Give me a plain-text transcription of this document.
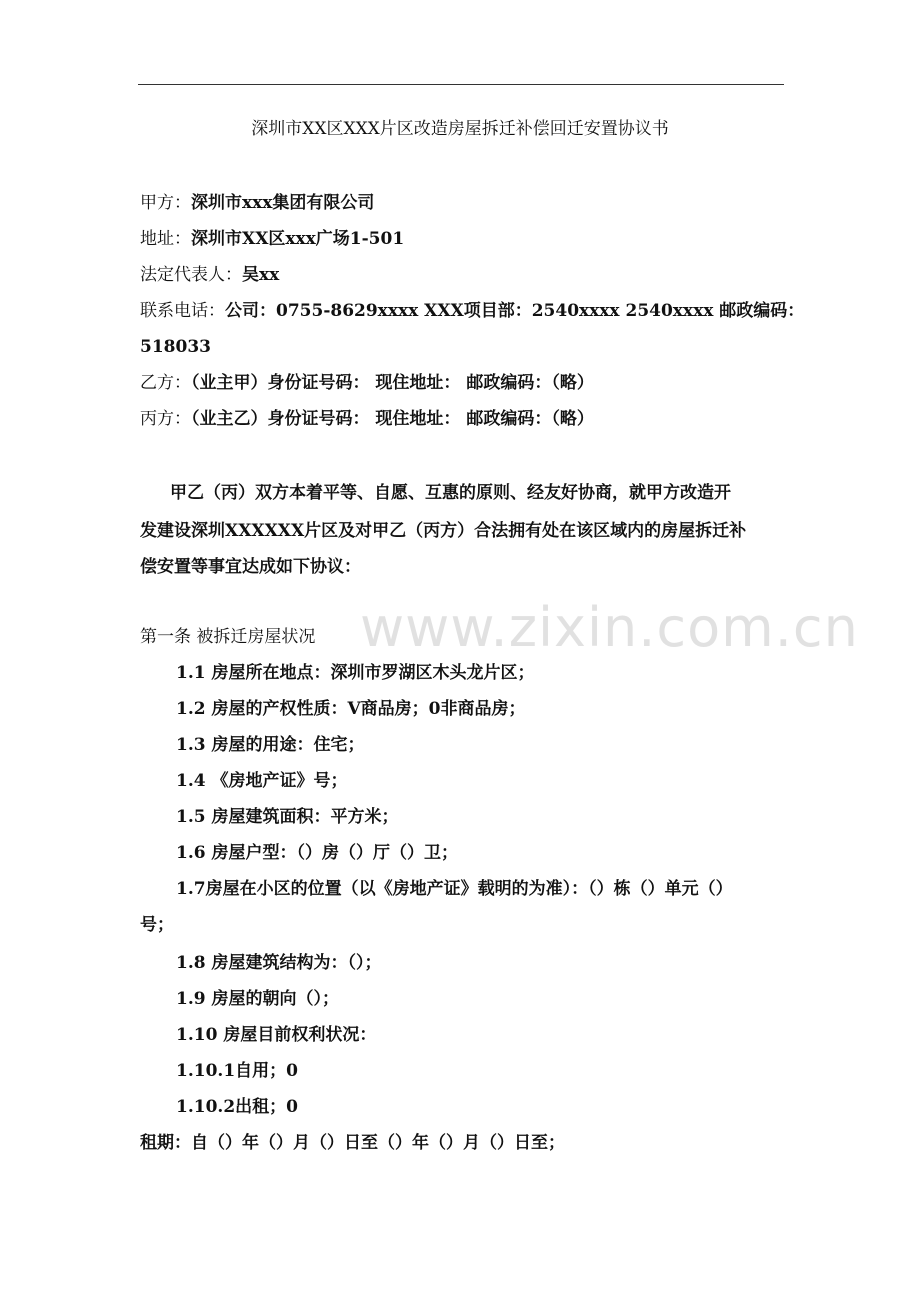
深圳市XX区XXX片区改造房屋拆迁补偿回迁安置协议书
甲方：深圳市xxx集团有限公司
地址：深圳市XX区xxx广场1-501
法定代表人：吴xx
联系电话：公司：0755-8629xxxx XXX项目部：2540xxxx 2540xxxx 邮政编码：
518033
乙方：（业主甲）身份证号码： 现住地址： 邮政编码：（略）
丙方：（业主乙）身份证号码： 现住地址： 邮政编码：（略）
甲乙（丙）双方本着平等、自愿、互惠的原则、经友好协商，就甲方改造开
发建设深圳XXXXXX片区及对甲乙（丙方）合法拥有处在该区域内的房屋拆迁补
偿安置等事宜达成如下协议：
第一条 被拆迁房屋状况
1.1 房屋所在地点：深圳市罗湖区木头龙片区；
1.2 房屋的产权性质：V商品房；0非商品房；
1.3 房屋的用途：住宅；
1.4 《房地产证》号；
1.5 房屋建筑面积：平方米；
1.6 房屋户型：（）房（）厅（）卫；
1.7房屋在小区的位置（以《房地产证》载明的为准）：（）栋（）单元（）
号；
1.8 房屋建筑结构为：（）；
1.9 房屋的朝向（）；
1.10 房屋目前权利状况：
1.10.1自用；0
1.10.2出租；0
租期：自（）年（）月（）日至（）年（）月（）日至；
www.zixin.com.cn
